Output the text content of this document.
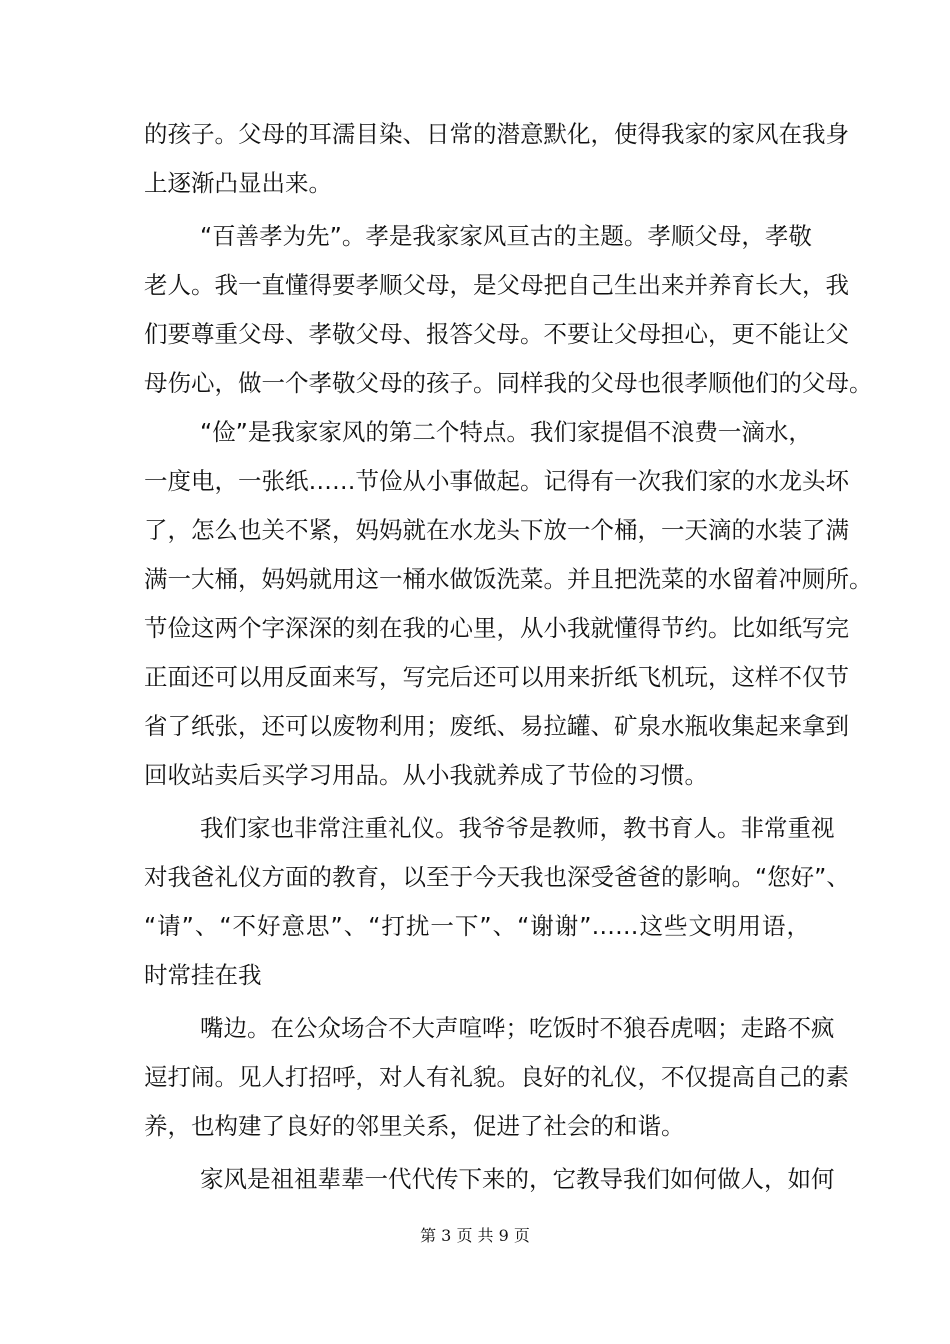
的孩子。父母的耳濡目染、日常的潜意默化，使得我家的家风在我身
上逐渐凸显出来。
“百善孝为先”。孝是我家家风亘古的主题。孝顺父母，孝敬
老人。我一直懂得要孝顺父母，是父母把自己生出来并养育长大，我
们要尊重父母、孝敬父母、报答父母。不要让父母担心，更不能让父
母伤心，做一个孝敬父母的孩子。同样我的父母也很孝顺他们的父母。
“俭”是我家家风的第二个特点。我们家提倡不浪费一滴水，
一度电，一张纸……节俭从小事做起。记得有一次我们家的水龙头坏
了，怎么也关不紧，妈妈就在水龙头下放一个桶，一天滴的水装了满
满一大桶，妈妈就用这一桶水做饭洗菜。并且把洗菜的水留着冲厕所。
节俭这两个字深深的刻在我的心里，从小我就懂得节约。比如纸写完
正面还可以用反面来写，写完后还可以用来折纸飞机玩，这样不仅节
省了纸张，还可以废物利用；废纸、易拉罐、矿泉水瓶收集起来拿到
回收站卖后买学习用品。从小我就养成了节俭的习惯。
我们家也非常注重礼仪。我爷爷是教师，教书育人。非常重视
对我爸礼仪方面的教育，以至于今天我也深受爸爸的影响。“您好”、
“请”、“不好意思”、“打扰一下”、“谢谢”……这些文明用语，
时常挂在我
嘴边。在公众场合不大声喧哗；吃饭时不狼吞虎咽；走路不疯
逗打闹。见人打招呼，对人有礼貌。良好的礼仪，不仅提高自己的素
养，也构建了良好的邻里关系，促进了社会的和谐。
家风是祖祖辈辈一代代传下来的，它教导我们如何做人，如何
第 3 页 共 9 页
